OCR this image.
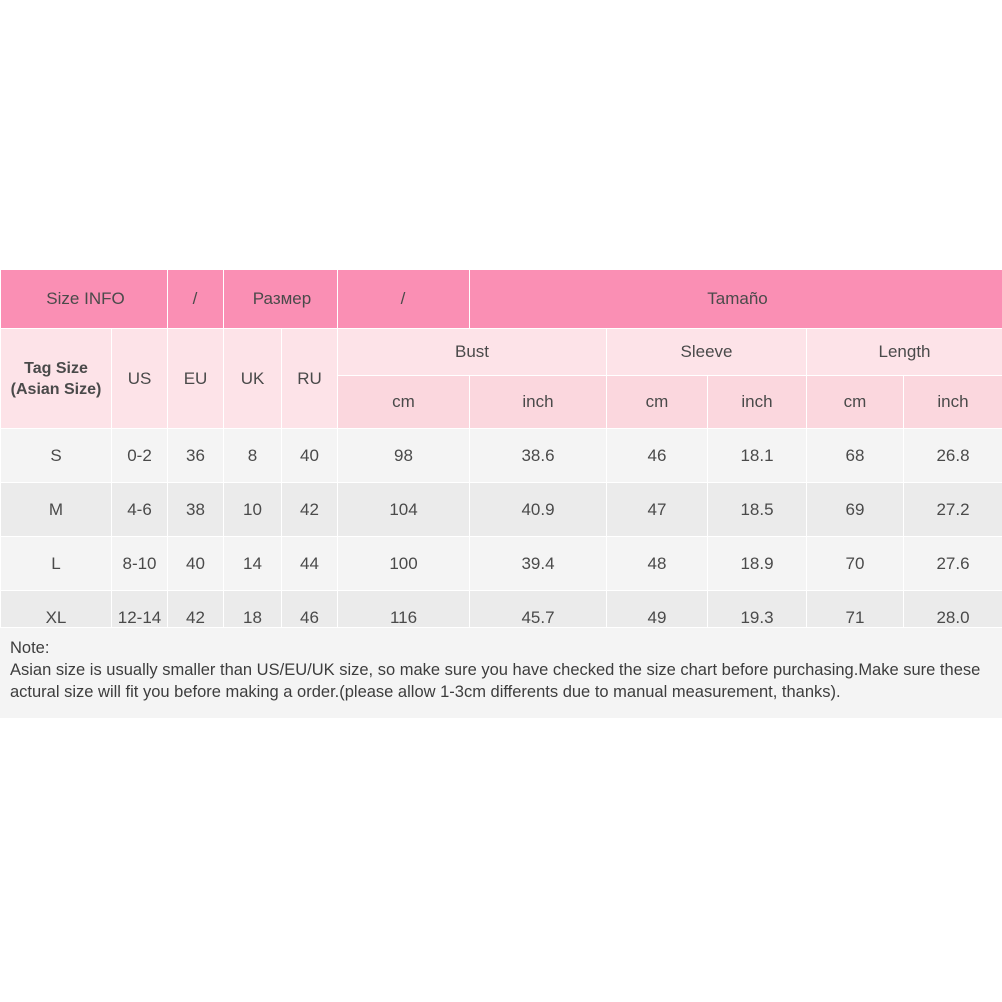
Size INFO		/	Размер		/	Tamaño				

Tag Size
(Asian Size)	US	EU	UK	RU	Bust		Sleeve		Length	
					cm	inch	cm	inch	cm	inch
S	0-2	36	8	40	98	38.6	46	18.1	68	26.8
M	4-6	38	10	42	104	40.9	47	18.5	69	27.2
L	8-10	40	14	44	100	39.4	48	18.9	70	27.6
XL	12-14	42	18	46	116	45.7	49	19.3	71	28.0
Note:
Asian size is usually smaller than US/EU/UK size, so make sure you have checked the size chart before purchasing.Make sure these actural size will fit you before making a order.(please allow 1-3cm differents due to manual measurement, thanks).
